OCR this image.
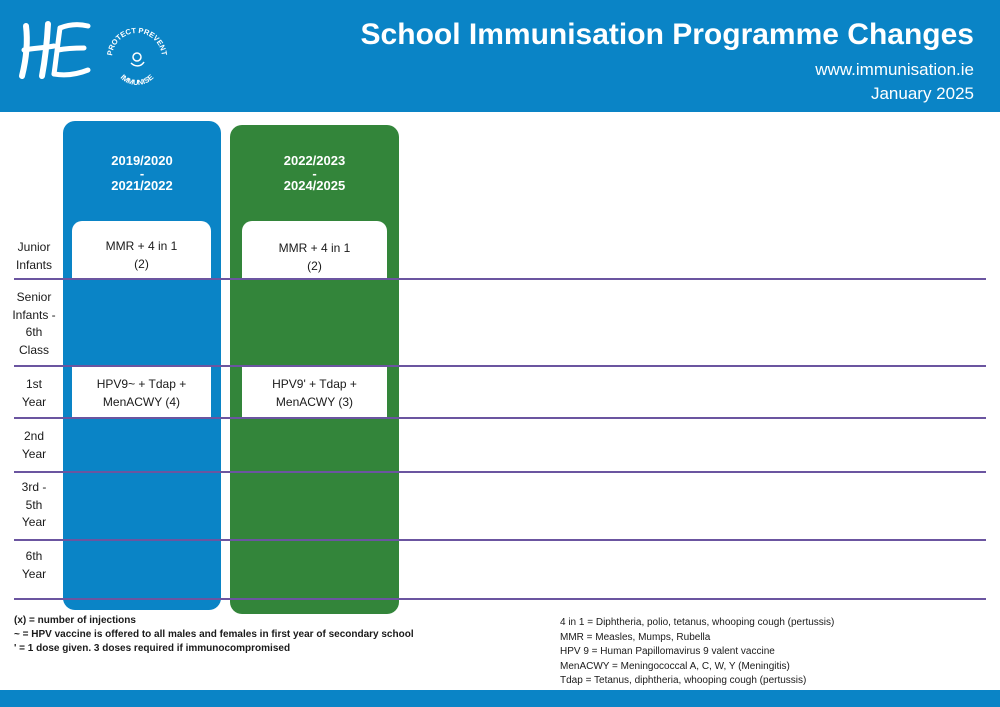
PROTECT PREVENT
IMMUNISE
School Immunisation Programme Changes
www.immunisation.ie
January 2025
2019/2020
-
2021/2022
2022/2023
-
2024/2025
MMR + 4 in 1
(2)
MMR + 4 in 1
(2)
HPV9~ + Tdap +
MenACWY (4)
HPV9' + Tdap +
MenACWY (3)
Junior
Infants
Senior
Infants -
6th
Class
1st
Year
2nd
Year
3rd -
5th
Year
6th
Year
(x) = number of injections
~ = HPV vaccine is offered to all males and females in first year of secondary school
' = 1 dose given. 3 doses required if immunocompromised
4 in 1 = Diphtheria, polio, tetanus, whooping cough (pertussis)
MMR = Measles, Mumps, Rubella
HPV 9 = Human Papillomavirus 9 valent vaccine
MenACWY = Meningococcal A, C, W, Y (Meningitis)
Tdap = Tetanus, diphtheria, whooping cough (pertussis)
